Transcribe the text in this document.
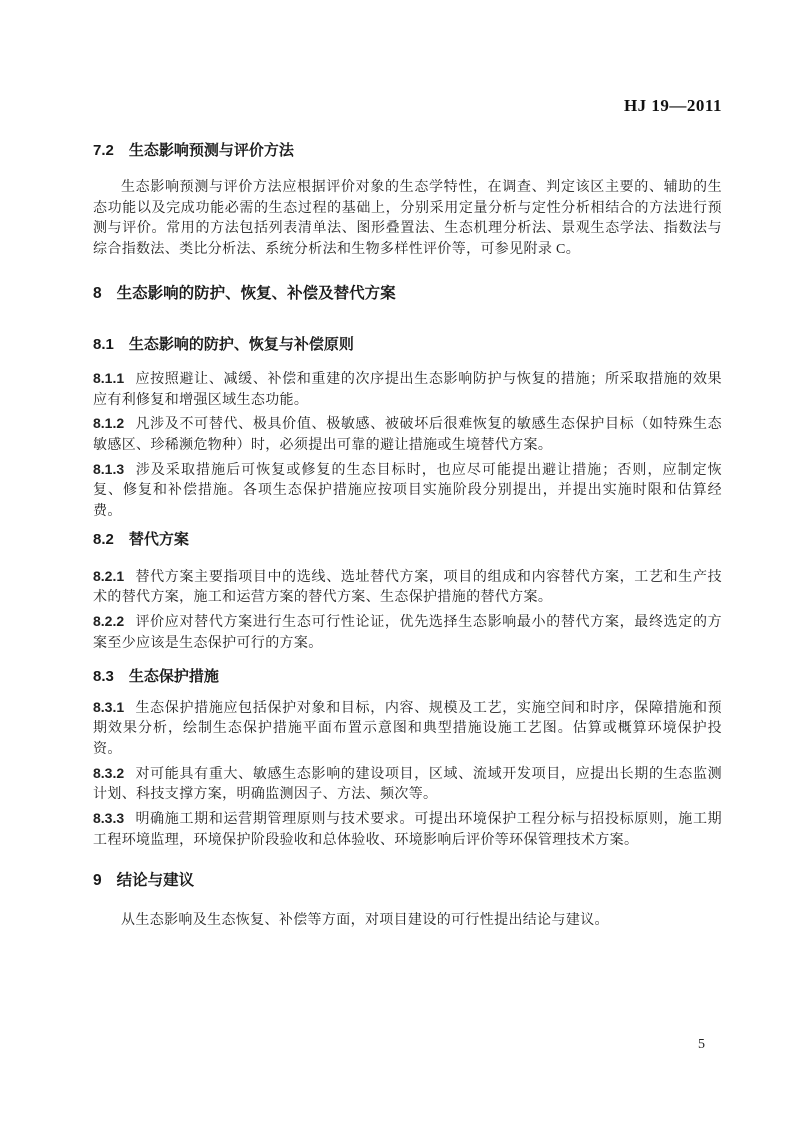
HJ 19—2011
7.2 生态影响预测与评价方法

生态影响预测与评价方法应根据评价对象的生态学特性，在调查、判定该区主要的、辅助的生态功能以及完成功能必需的生态过程的基础上，分别采用定量分析与定性分析相结合的方法进行预测与评价。常用的方法包括列表清单法、图形叠置法、生态机理分析法、景观生态学法、指数法与综合指数法、类比分析法、系统分析法和生物多样性评价等，可参见附录 C。

8 生态影响的防护、恢复、补偿及替代方案
8.1 生态影响的防护、恢复与补偿原则

8.1.1 应按照避让、减缓、补偿和重建的次序提出生态影响防护与恢复的措施；所采取措施的效果应有利修复和增强区域生态功能。

8.1.2 凡涉及不可替代、极具价值、极敏感、被破坏后很难恢复的敏感生态保护目标（如特殊生态敏感区、珍稀濒危物种）时，必须提出可靠的避让措施或生境替代方案。

8.1.3 涉及采取措施后可恢复或修复的生态目标时，也应尽可能提出避让措施；否则，应制定恢复、修复和补偿措施。各项生态保护措施应按项目实施阶段分别提出，并提出实施时限和估算经费。

8.2 替代方案

8.2.1 替代方案主要指项目中的选线、选址替代方案，项目的组成和内容替代方案，工艺和生产技术的替代方案，施工和运营方案的替代方案、生态保护措施的替代方案。

8.2.2 评价应对替代方案进行生态可行性论证，优先选择生态影响最小的替代方案，最终选定的方案至少应该是生态保护可行的方案。

8.3 生态保护措施

8.3.1 生态保护措施应包括保护对象和目标，内容、规模及工艺，实施空间和时序，保障措施和预期效果分析，绘制生态保护措施平面布置示意图和典型措施设施工艺图。估算或概算环境保护投资。

8.3.2 对可能具有重大、敏感生态影响的建设项目，区域、流域开发项目，应提出长期的生态监测计划、科技支撑方案，明确监测因子、方法、频次等。

8.3.3 明确施工期和运营期管理原则与技术要求。可提出环境保护工程分标与招投标原则，施工期工程环境监理，环境保护阶段验收和总体验收、环境影响后评价等环保管理技术方案。

9 结论与建议

从生态影响及生态恢复、补偿等方面，对项目建设的可行性提出结论与建议。

5
